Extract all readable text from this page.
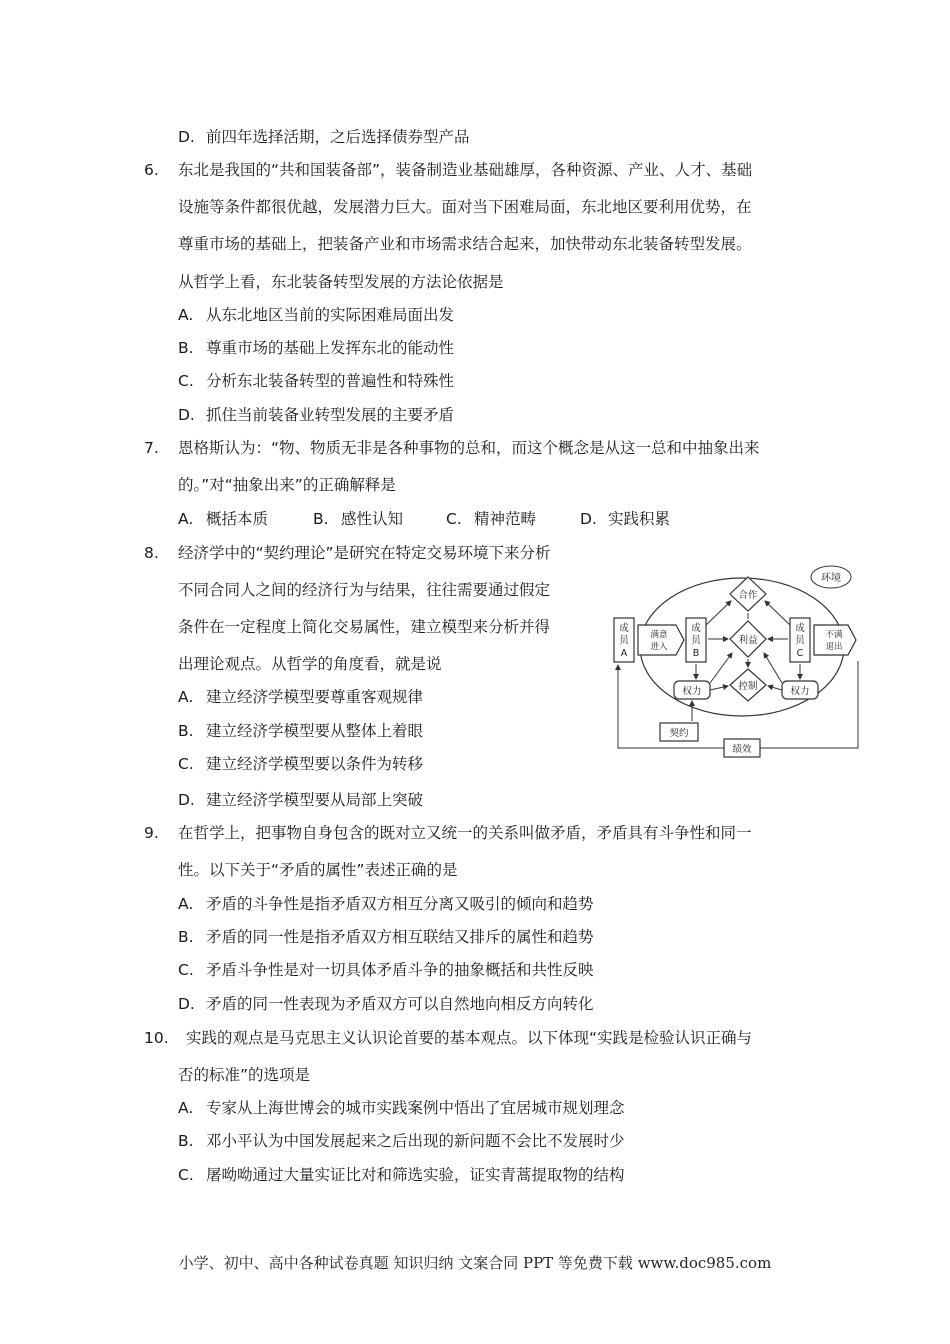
D. 前四年选择活期，之后选择债券型产品
6. 东北是我国的“共和国装备部”，装备制造业基础雄厚，各种资源、产业、人才、基础
设施等条件都很优越，发展潜力巨大。面对当下困难局面，东北地区要利用优势，在
尊重市场的基础上，把装备产业和市场需求结合起来，加快带动东北装备转型发展。
从哲学上看，东北装备转型发展的方法论依据是
A. 从东北地区当前的实际困难局面出发
B. 尊重市场的基础上发挥东北的能动性
C. 分析东北装备转型的普遍性和特殊性
D. 抓住当前装备业转型发展的主要矛盾
7. 恩格斯认为：“物、物质无非是各种事物的总和，而这个概念是从这一总和中抽象出来
的。”对“抽象出来”的正确解释是
A. 概括本质	B. 感性认知	C. 精神范畴	D. 实践积累
8. 经济学中的“契约理论”是研究在特定交易环境下来分析
不同合同人之间的经济行为与结果，往往需要通过假定
条件在一定程度上简化交易属性，建立模型来分析并得
出理论观点。从哲学的角度看，就是说
A. 建立经济学模型要尊重客观规律
B. 建立经济学模型要从整体上着眼
C. 建立经济学模型要以条件为转移
D. 建立经济学模型要从局部上突破
环境
成
员
A
满意
进入
成
员
B
成
员
C
不满
退出
合作
利益
控制
权力	权力
契约
绩效
9. 在哲学上，把事物自身包含的既对立又统一的关系叫做矛盾，矛盾具有斗争性和同一
性。以下关于“矛盾的属性”表述正确的是
A. 矛盾的斗争性是指矛盾双方相互分离又吸引的倾向和趋势
B. 矛盾的同一性是指矛盾双方相互联结又排斥的属性和趋势
C. 矛盾斗争性是对一切具体矛盾斗争的抽象概括和共性反映
D. 矛盾的同一性表现为矛盾双方可以自然地向相反方向转化
10. 实践的观点是马克思主义认识论首要的基本观点。以下体现“实践是检验认识正确与
否的标准”的选项是
A. 专家从上海世博会的城市实践案例中悟出了宜居城市规划理念
B. 邓小平认为中国发展起来之后出现的新问题不会比不发展时少
C. 屠呦呦通过大量实证比对和筛选实验，证实青蒿提取物的结构
小学、初中、高中各种试卷真题 知识归纳 文案合同 PPT 等免费下载 www.doc985.com
